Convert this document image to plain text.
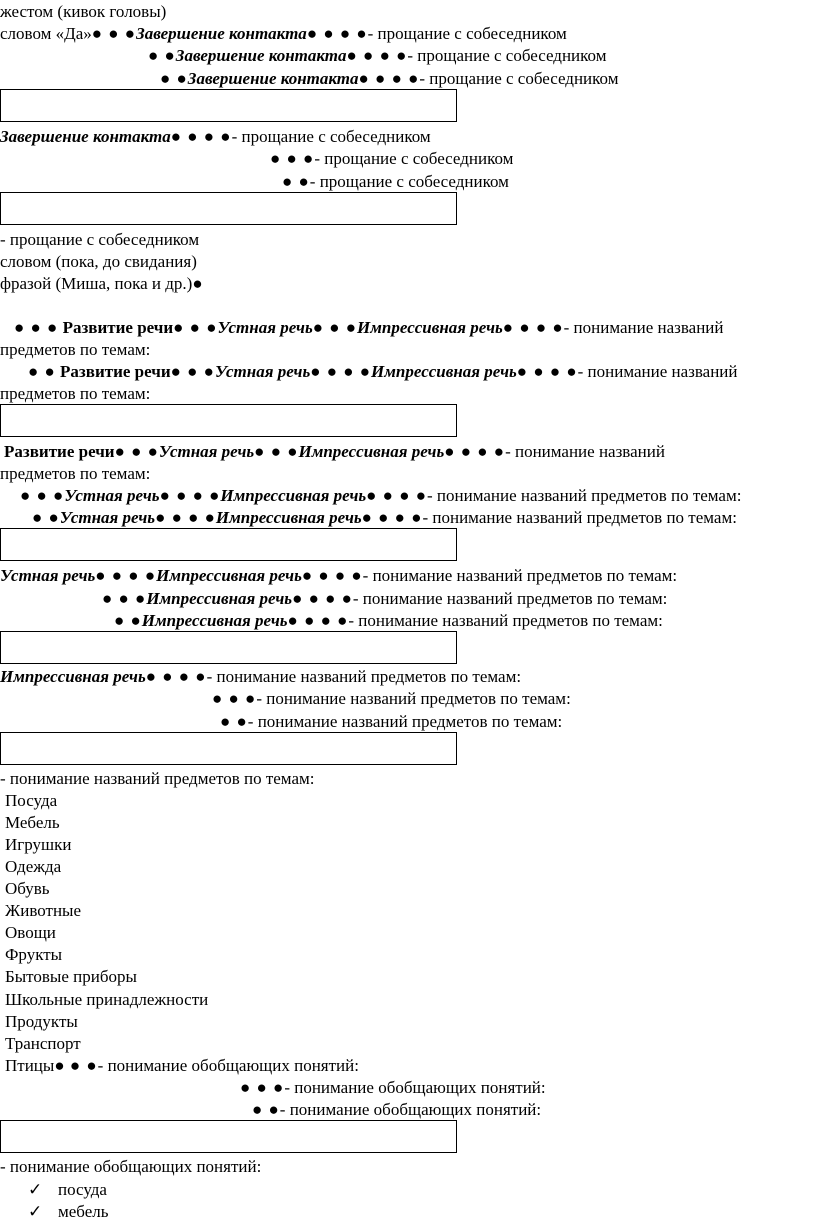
жестом (кивок головы)
словом «Да»● ● ●Завершение контакта● ● ● ●- прощание с собеседником
● ●Завершение контакта● ● ● ●- прощание с собеседником
● ●Завершение контакта● ● ● ●- прощание с собеседником
Завершение контакта● ● ● ●- прощание с собеседником
● ● ●- прощание с собеседником
● ●- прощание с собеседником
- прощание с собеседником
словом (пока, до свидания)
фразой (Миша, пока и др.)●
● ● ● Развитие речи● ● ●Устная речь● ● ●Импрессивная речь● ● ● ●- понимание названий
предметов по темам:
● ● Развитие речи● ● ●Устная речь● ● ● ●Импрессивная речь● ● ● ●- понимание названий
предметов по темам:
Развитие речи● ● ●Устная речь● ● ●Импрессивная речь● ● ● ●- понимание названий
предметов по темам:
● ● ●Устная речь● ● ● ●Импрессивная речь● ● ● ●- понимание названий предметов по темам:
● ●Устная речь● ● ● ●Импрессивная речь● ● ● ●- понимание названий предметов по темам:
Устная речь● ● ● ●Импрессивная речь● ● ● ●- понимание названий предметов по темам:
● ● ●Импрессивная речь● ● ● ●- понимание названий предметов по темам:
● ●Импрессивная речь● ● ● ●- понимание названий предметов по темам:
Импрессивная речь● ● ● ●- понимание названий предметов по темам:
● ● ●- понимание названий предметов по темам:
● ●- понимание названий предметов по темам:
- понимание названий предметов по темам:
Посуда
Мебель
Игрушки
Одежда
Обувь
Животные
Овощи
Фрукты
Бытовые приборы
Школьные принадлежности
Продукты
Транспорт
Птицы● ● ●- понимание обобщающих понятий:
● ● ●- понимание обобщающих понятий:
● ●- понимание обобщающих понятий:
- понимание обобщающих понятий:
✓ посуда
✓ мебель
